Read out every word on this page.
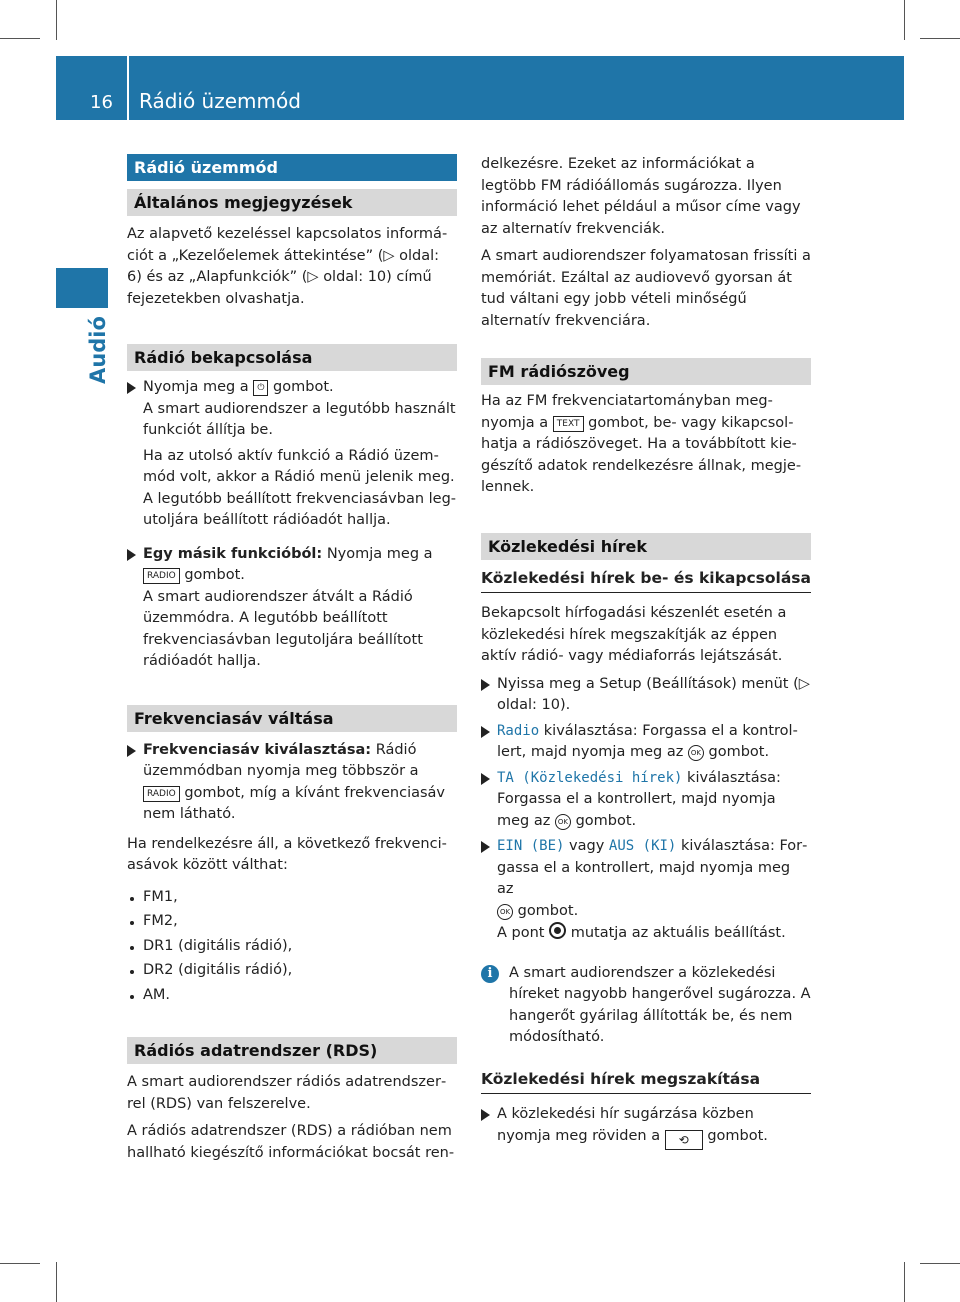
16 Rádió üzemmód
Audió
Rádió üzemmód
Általános megjegyzések

Az alapvető kezeléssel kapcsolatos információt a „Kezelőelemek áttekintése” (▷ oldal: 6) és az „Alapfunkciók” (▷ oldal: 10) című fejezetekben olvashatja.

Rádió bekapcsolása
Nyomja meg a ⏻ gombot.
A smart audiorendszer a legutóbb használt funkciót állítja be.
Ha az utolsó aktív funkció a Rádió üzemmód volt, akkor a Rádió menü jelenik meg. A legutóbb beállított frekvenciasávban legutoljára beállított rádióadót hallja.
Egy másik funkcióból: Nyomja meg a RADIO gombot.
A smart audiorendszer átvált a Rádió üzemmódra. A legutóbb beállított frekvenciasávban legutoljára beállított rádióadót hallja.
Frekvenciasáv váltása
Frekvenciasáv kiválasztása: Rádió üzemmódban nyomja meg többször a RADIO gombot, míg a kívánt frekvenciasáv nem látható.

Ha rendelkezésre áll, a következő frekvenciasávok között válthat:

FM1,
FM2,
DR1 (digitális rádió),
DR2 (digitális rádió),
AM.
Rádiós adatrendszer (RDS)

A smart audiorendszer rádiós adatrendszerrel (RDS) van felszerelve.

A rádiós adatrendszer (RDS) a rádióban nem hallható kiegészítő információkat bocsát ren-

delkezésre. Ezeket az információkat a legtöbb FM rádióállomás sugározza. Ilyen információ lehet például a műsor címe vagy az alternatív frekvenciák.

A smart audiorendszer folyamatosan frissíti a memóriát. Ezáltal az audiovevő gyorsan át tud váltani egy jobb vételi minőségű alternatív frekvenciára.

FM rádiószöveg

Ha az FM frekvenciatartományban megnyomja a TEXT gombot, be- vagy kikapcsolhatja a rádiószöveget. Ha a továbbított kiegészítő adatok rendelkezésre állnak, megjelennek.

Közlekedési hírek
Közlekedési hírek be- és kikapcsolása

Bekapcsolt hírfogadási készenlét esetén a közlekedési hírek megszakítják az éppen aktív rádió- vagy médiaforrás lejátszását.

Nyissa meg a Setup (Beállítások) menüt (▷ oldal: 10).
Radio kiválasztása: Forgassa el a kontrollert, majd nyomja meg az OK gombot.
TA (Közlekedési hírek) kiválasztása: Forgassa el a kontrollert, majd nyomja meg az OK gombot.
EIN (BE) vagy AUS (KI) kiválasztása: Forgassa el a kontrollert, majd nyomja meg az
OK gombot.
A pont mutatja az aktuális beállítást.
i	A smart audiorendszer a közlekedési híreket nagyobb hangerővel sugározza. A hangerőt gyárilag állították be, és nem módosítható.
Közlekedési hírek megszakítása
A közlekedési hír sugárzása közben nyomja meg röviden a ⟲ gombot.
